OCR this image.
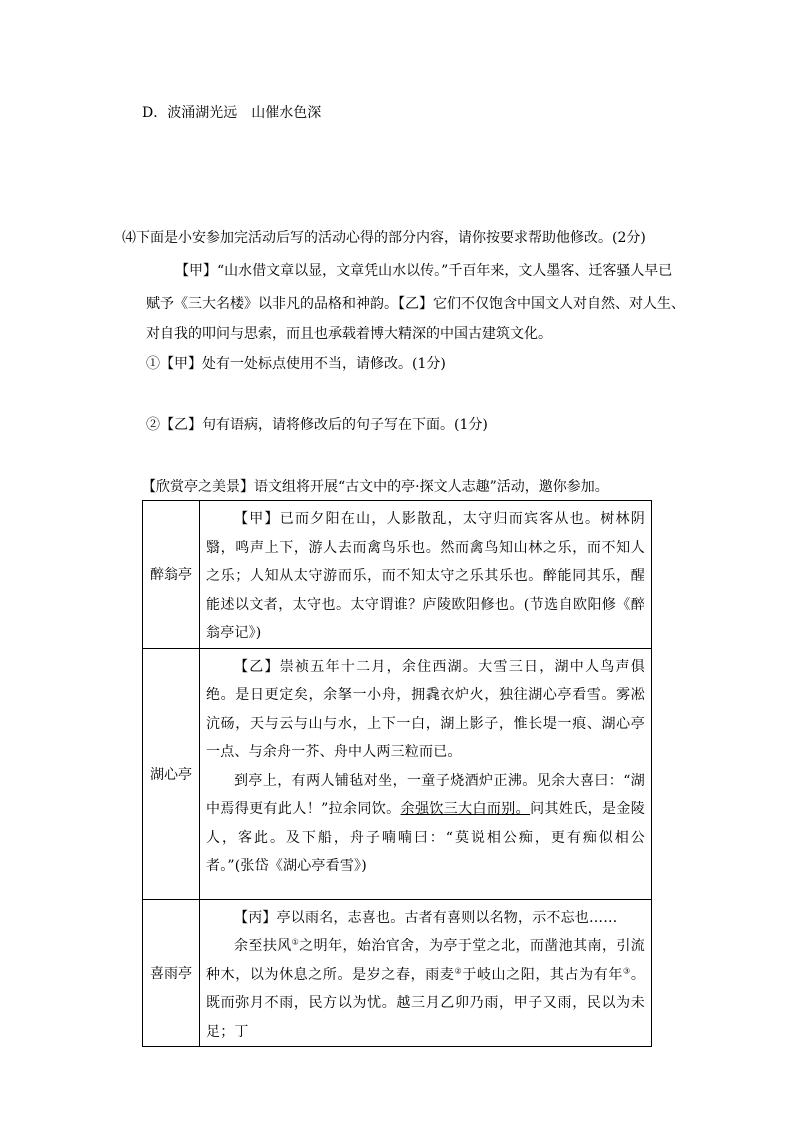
D．波涌湖光远　山催水色深
⑷下面是小安参加完活动后写的活动心得的部分内容，请你按要求帮助他修改。(2分)
【甲】“山水借文章以显，文章凭山水以传。”千百年来，文人墨客、迁客骚人早已
赋予《三大名楼》以非凡的品格和神韵。【乙】它们不仅饱含中国文人对自然、对人生、
对自我的叩问与思索，而且也承载着博大精深的中国古建筑文化。
①【甲】处有一处标点使用不当，请修改。(1分)
②【乙】句有语病，请将修改后的句子写在下面。(1分)
【欣赏亭之美景】语文组将开展“古文中的亭·探文人志趣”活动，邀你参加。
醉翁亭	【甲】已而夕阳在山，人影散乱，太守归而宾客从也。树林阴翳，鸣声上下，游人去而禽鸟乐也。然而禽鸟知山林之乐，而不知人之乐；人知从太守游而乐，而不知太守之乐其乐也。醉能同其乐，醒能述以文者，太守也。太守谓谁？庐陵欧阳修也。(节选自欧阳修《醉翁亭记》)

湖心亭	【乙】崇祯五年十二月，余住西湖。大雪三日，湖中人鸟声俱绝。是日更定矣，余拏一小舟，拥毳衣炉火，独往湖心亭看雪。雾凇沆砀，天与云与山与水，上下一白，湖上影子，惟长堤一痕、湖心亭一点、与余舟一芥、舟中人两三粒而已。

到亭上，有两人铺毡对坐，一童子烧酒炉正沸。见余大喜曰：“湖中焉得更有此人！”拉余同饮。余强饮三大白而别。问其姓氏，是金陵人，客此。及下船，舟子喃喃曰：“莫说相公痴，更有痴似相公者。”(张岱《湖心亭看雪》)

喜雨亭	【丙】亭以雨名，志喜也。古者有喜则以名物，示不忘也……

余至扶风①之明年，始治官舍，为亭于堂之北，而凿池其南，引流种木，以为休息之所。是岁之春，雨麦②于岐山之阳，其占为有年③。既而弥月不雨，民方以为忧。越三月乙卯乃雨，甲子又雨，民以为未足；丁
